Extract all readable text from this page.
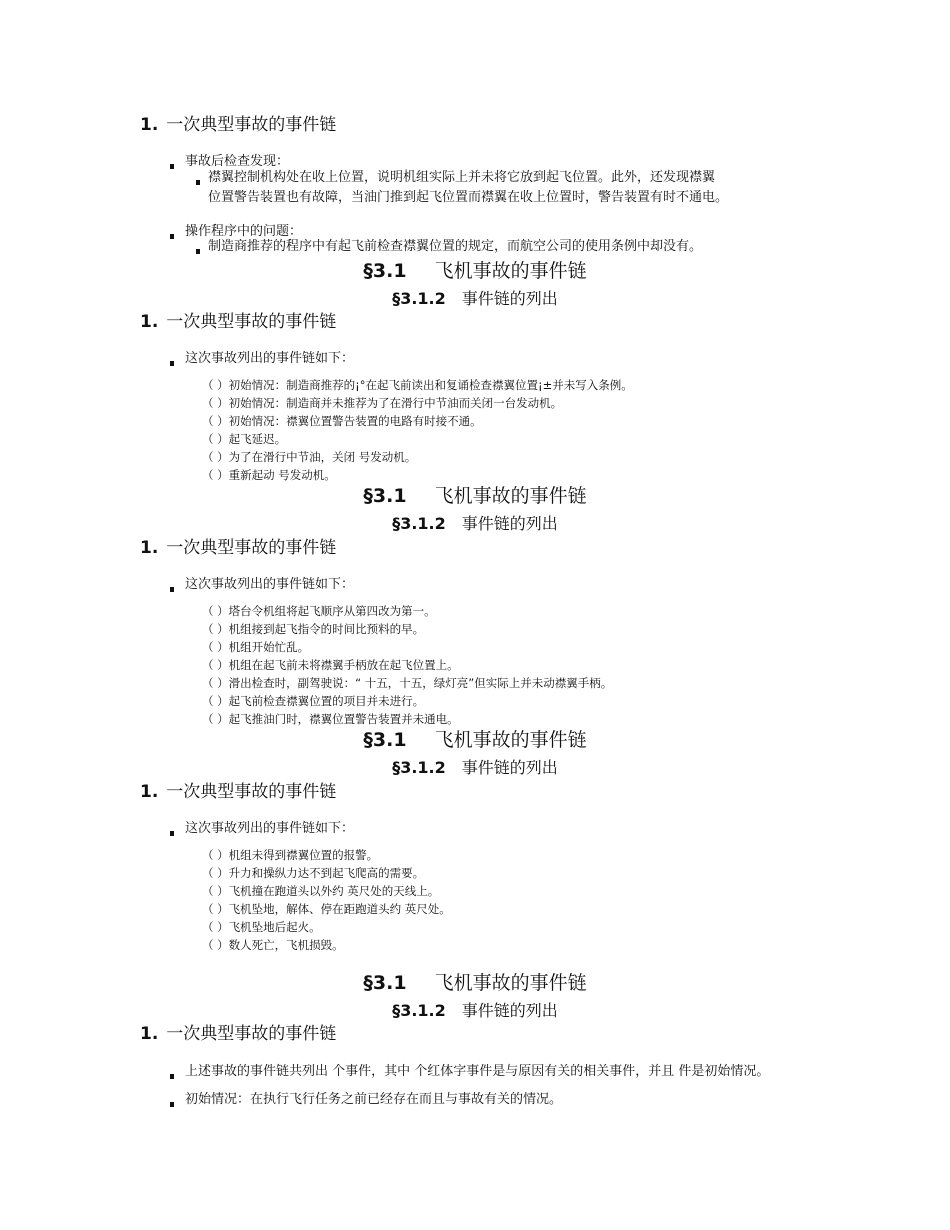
1. 一次典型事故的事件链
事故后检查发现：
襟翼控制机构处在收上位置，说明机组实际上并未将它放到起飞位置。此外，还发现襟翼
位置警告装置也有故障，当油门推到起飞位置而襟翼在收上位置时，警告装置有时不通电。
操作程序中的问题：
制造商推荐的程序中有起飞前检查襟翼位置的规定，而航空公司的使用条例中却没有。
§3.1 飞机事故的事件链
§3.1.2 事件链的列出
1. 一次典型事故的事件链
这次事故列出的事件链如下：
（ ）初始情况：制造商推荐的¡°在起飞前读出和复诵检查襟翼位置¡±并未写入条例。
（ ）初始情况：制造商并未推荐为了在滑行中节油而关闭一台发动机。
（ ）初始情况：襟翼位置警告装置的电路有时接不通。
（ ）起飞延迟。
（ ）为了在滑行中节油，关闭 号发动机。
（ ）重新起动 号发动机。
§3.1 飞机事故的事件链
§3.1.2 事件链的列出
1. 一次典型事故的事件链
这次事故列出的事件链如下：
（ ）塔台令机组将起飞顺序从第四改为第一。
（ ）机组接到起飞指令的时间比预料的早。
（ ）机组开始忙乱。
（ ）机组在起飞前未将襟翼手柄放在起飞位置上。
（ ）滑出检查时，副驾驶说：“ 十五，十五，绿灯亮”但实际上并未动襟翼手柄。
（ ）起飞前检查襟翼位置的项目并未进行。
（ ）起飞推油门时，襟翼位置警告装置并未通电。
§3.1 飞机事故的事件链
§3.1.2 事件链的列出
1. 一次典型事故的事件链
这次事故列出的事件链如下：
（ ）机组未得到襟翼位置的报警。
（ ）升力和操纵力达不到起飞爬高的需要。
（ ）飞机撞在跑道头以外约 英尺处的天线上。
（ ）飞机坠地，解体、停在距跑道头约 英尺处。
（ ）飞机坠地后起火。
（ ）数人死亡，飞机损毁。
§3.1 飞机事故的事件链
§3.1.2 事件链的列出
1. 一次典型事故的事件链
上述事故的事件链共列出 个事件，其中 个红体字事件是与原因有关的相关事件，并且 件是初始情况。
初始情况：在执行飞行任务之前已经存在而且与事故有关的情况。
